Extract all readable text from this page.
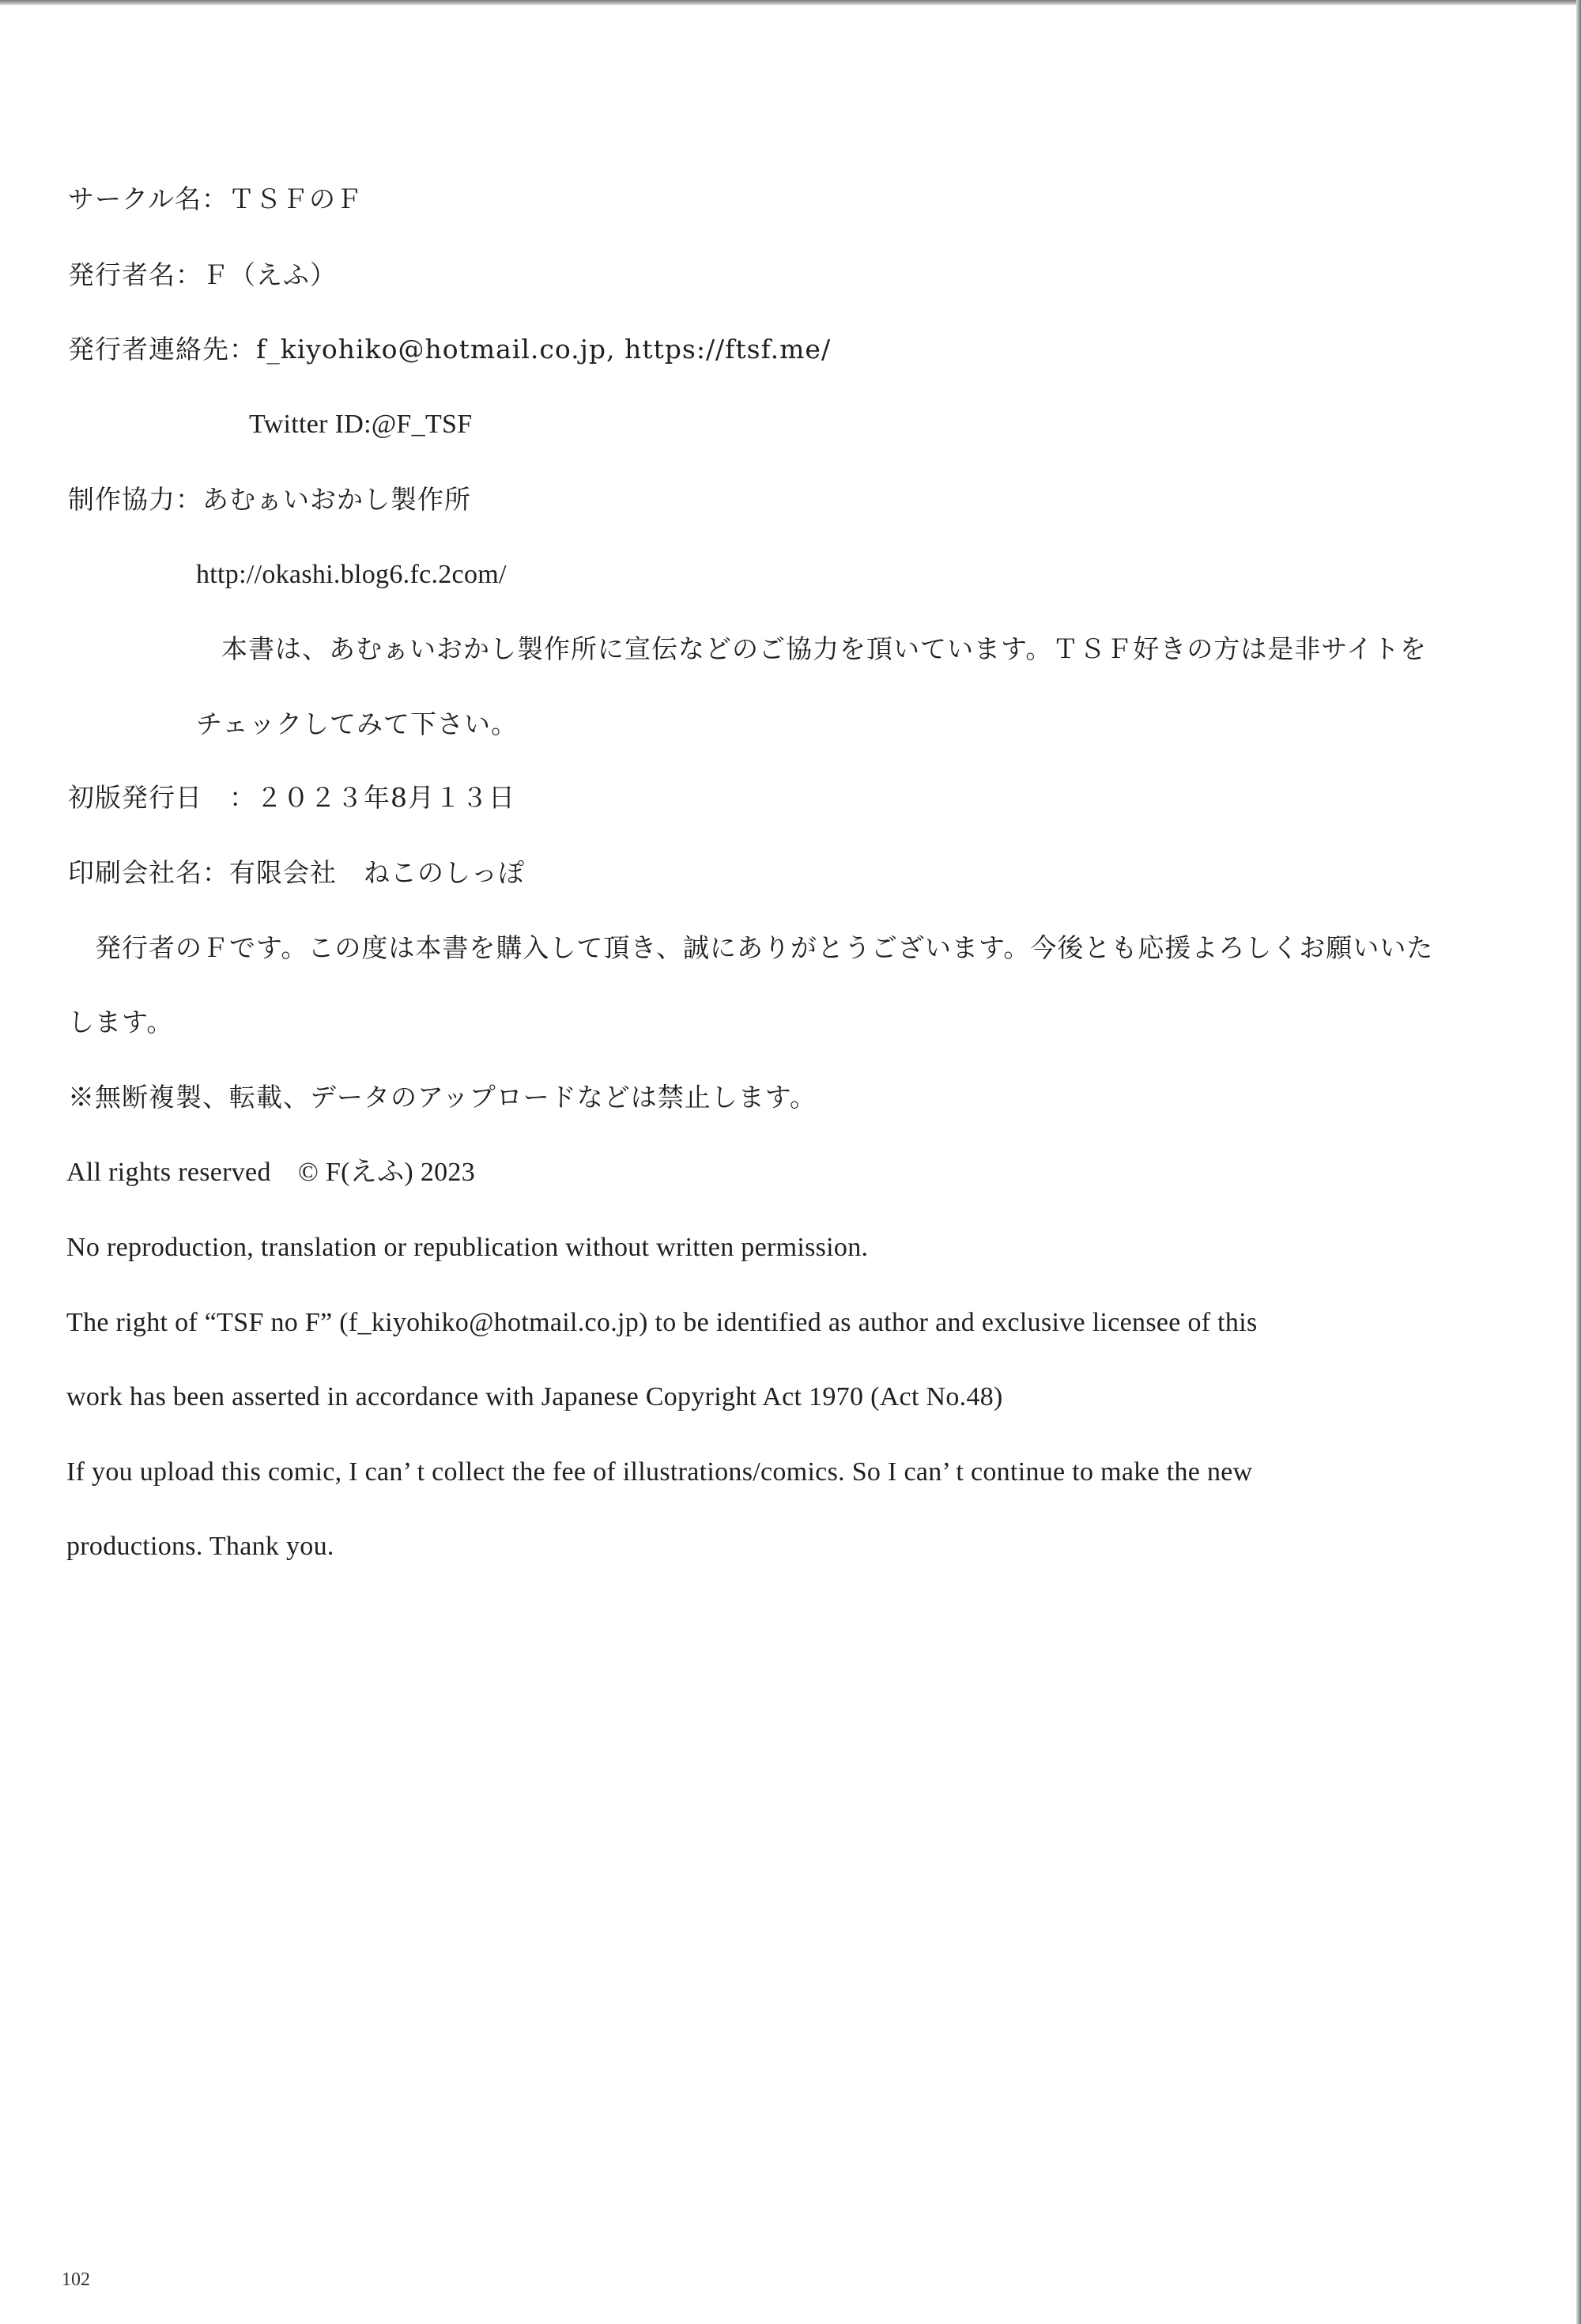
サークル名：ＴＳＦのＦ
発行者名：Ｆ（えふ）
発行者連絡先：f_kiyohiko@hotmail.co.jp, https://ftsf.me/
Twitter ID:@F_TSF
制作協力：あむぁいおかし製作所
http://okashi.blog6.fc.2com/
本書は、あむぁいおかし製作所に宣伝などのご協力を頂いています。ＴＳＦ好きの方は是非サイトを
チェックしてみて下さい。
初版発行日　：２０２３年8月１３日
印刷会社名：有限会社　ねこのしっぽ
発行者のＦです。この度は本書を購入して頂き、誠にありがとうございます。今後とも応援よろしくお願いいた
します。
※無断複製、転載、データのアップロードなどは禁止します。
All rights reserved　© F(えふ) 2023
No reproduction, translation or republication without written permission.
The right of “TSF no F” (f_kiyohiko@hotmail.co.jp) to be identified as author and exclusive licensee of this
work has been asserted in accordance with Japanese Copyright Act 1970 (Act No.48)
If you upload this comic, I can’ t collect the fee of illustrations/comics. So I can’ t continue to make the new
productions. Thank you.
102
